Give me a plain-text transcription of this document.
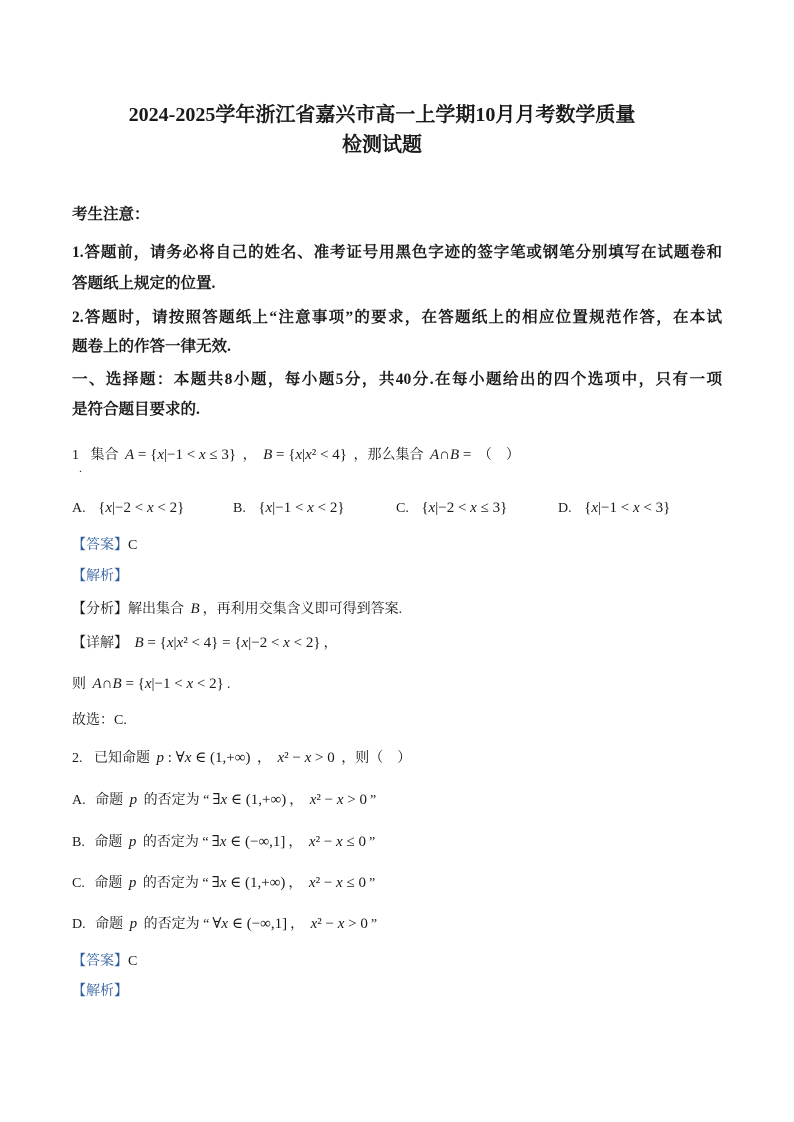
2024-2025学年浙江省嘉兴市高一上学期10月月考数学质量
检测试题
考生注意：
1.答题前，请务必将自己的姓名、准考证号用黑色字迹的签字笔或钢笔分别填写在试题卷和
答题纸上规定的位置.
2.答题时，请按照答题纸上“注意事项”的要求，在答题纸上的相应位置规范作答，在本试
题卷上的作答一律无效.
一、选择题：本题共8小题，每小题5分，共40分.在每小题给出的四个选项中，只有一项
是符合题目要求的.
1 集合 A = {x|−1 < x ≤ 3} ， B = {x|x² < 4} ，那么集合 A∩B = （　）
.
A. {x|−2 < x < 2}	B. {x|−1 < x < 2}	C. {x|−2 < x ≤ 3}	D. {x|−1 < x < 3}
【答案】C
【解析】
【分析】解出集合 B ，再利用交集含义即可得到答案.
【详解】 B = {x|x² < 4} = {x|−2 < x < 2} ，
则 A∩B = {x|−1 < x < 2} .
故选：C.
2. 已知命题 p : ∀x ∈ (1,+∞) ， x² − x > 0 ，则（　）
A. 命题 p 的否定为 “ ∃x ∈ (1,+∞) ， x² − x > 0 ”
B. 命题 p 的否定为 “ ∃x ∈ (−∞,1] ， x² − x ≤ 0 ”
C. 命题 p 的否定为 “ ∃x ∈ (1,+∞) ， x² − x ≤ 0 ”
D. 命题 p 的否定为 “ ∀x ∈ (−∞,1] ， x² − x > 0 ”
【答案】C
【解析】
